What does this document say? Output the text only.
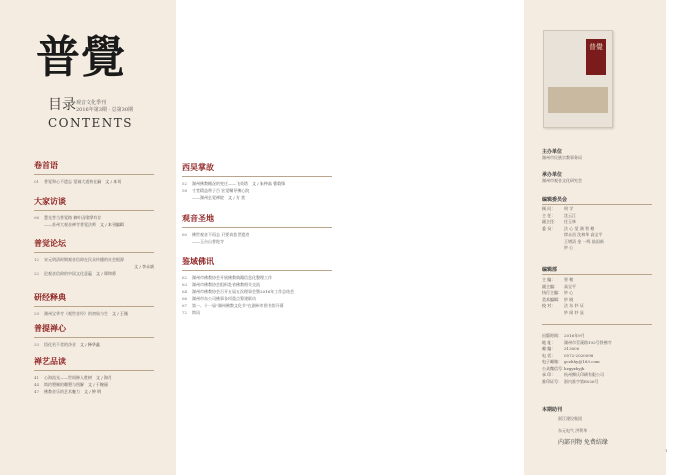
普覺
目录 观音文化季刊
2016年第3期 · 总第30期
CONTENTS
卷首语
01 普觉和心不遗忘 觉诚大道持在嗣 文 / 本刊
大家访谈
06 慧光菩当普觉路 摘叶因缘摩有存
——苏州大观音禅寺普觉法师 文 / 本刊编辑
普觉论坛
12 宋元明清时期观音信仰在民众传播的社会根源
文 / 李永斌
22 论观音信仰的中国文化意蕴 文 / 郑和勇
研经释典
29 湖州宝华寺《观世音经》的初始与生 文 / 王瑾
普提禅心
33 悟化若不贪的净业 文 / 释华鑫
禅艺品读
41 心海流光——世间修入胜树 文 / 海月
44 简约塑制的雕塑与图解 文 / 于婉丽
47 佛教音乐的艺术魅力 文 / 钟 明
西昊掌故
52 湖州佛教概况的变迁——飞英塔 文 / 朱仲高 曹敦锋
58 寸堂精益带子百 宏觉嘱导佛心院
——湖州玄觉禅院 文 / 方 奕
观音圣地
60 佛世观音不再去 只要真悲世遗迹
——玉台山普陀寺
鉴域佛讯
62 湖州市佛教协会开展佛教典籍信息化整理工作
63 湖州市佛教协会组织赴省佛教相关交流
64 湖州市佛教协会召开五届五次理事会暨2016年工作总结会
66 湖州市东公司佛事各项重点筹建联动
67 第一、十一届"湖州佛教文化节"在湖州市图书馆开幕
72 简讯
普覺
主办单位
湖州市民族宗教事务局
承办单位
湖州市观音文化研究会
编辑委员会
顾 问： 明 学
主 任： 沈云江
副主任： 任玉林
委 员： 法 心 觉 满 智 粮
徐永昌 沈林华 高宝平
王增清 金 一鸣 陆国新
妙 心
编辑部
主 编： 智 粮
副主编： 高宝平
执行主编： 妙 心
美术编辑： 妙 晓
校 对： 法 东 妙 证
妙 闻 妙 显
出版时间： 2016年9月
地 址： 湖州市苕溪路192号铁佛寺
邮 编： 313000
电 话： 0572-2020098
电子邮箱： gczhhy@163.com
公众微信号：hzgyxhyjh
承 印： 杭州狮氏印刷有限公司
准印证号： 浙内准字第E026号
本期助刊
浙江建设集团
东元电气 洪利华
内部刊物 免费结缘
1
